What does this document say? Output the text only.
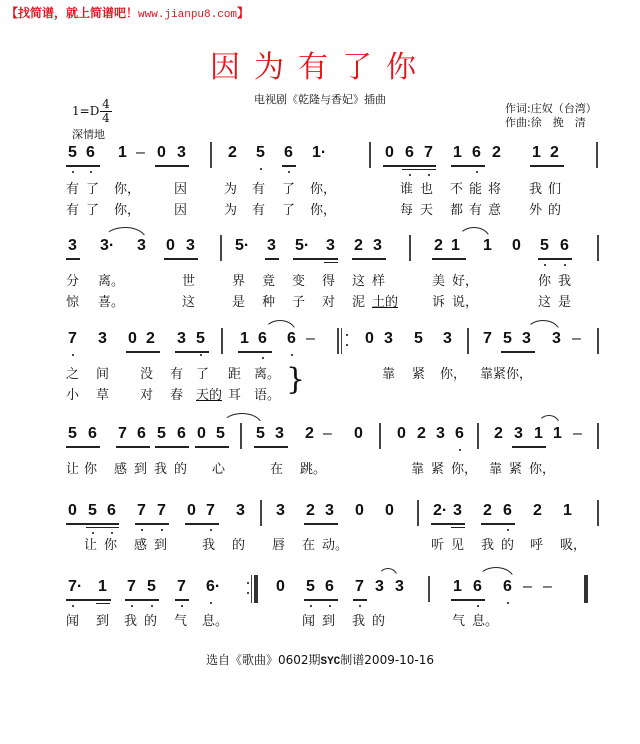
【找简谱，就上简谱吧！www.jianpu8.com】
因为有了你
电视剧《乾隆与香妃》插曲
1=D 4
4
深情地
作词:庄奴（台湾）
作曲:徐　挽　清
5 6 1 – 0 3	2 5 6 1·	0 6 7 1 6 2 1 2
有 了 你，	因	为 有 了 你，	谁 也 不 能 将 我 们
有 了 你，	因	为 有 了 你，	每 天 都 有 意 外 的
3 3· 3 0 3	5· 3 5· 3 2 3	2 1 1 0 5 6
分 离。	世	界 竟 变 得 这 样	美 好，	你 我
惊 喜。	这	是 种 子 对 泥 土的	诉 说，	这 是
7 3 0 2 3 5 1 6 6 –	0 3 5 3 7 5 3 3 –
之 间 没 有 了 距 离。	靠 紧 你， 靠紧你，
小 草 对 春 天的 耳 语。 }
5 6 7 6 5 6 0 5 5 3 2 – 0 0 2 3 6 2 3 1 1 –
让 你 感 到 我 的 心	在 跳。	靠 紧 你， 靠 紧 你，
0 5 6 7 7 0 7 3 3 2 3 0 0 2· 3 2 6 2 1
让 你 感 到	我 的 唇 在 动。	听 见 我 的 呼 吸，
7· 1 7 5 7 6·	0 5 6 7 3 3	1 6 6 – –
闻 到 我 的 气 息。	闻 到 我 的	气 息。
选自《歌曲》0602期SYC制谱2009-10-16
